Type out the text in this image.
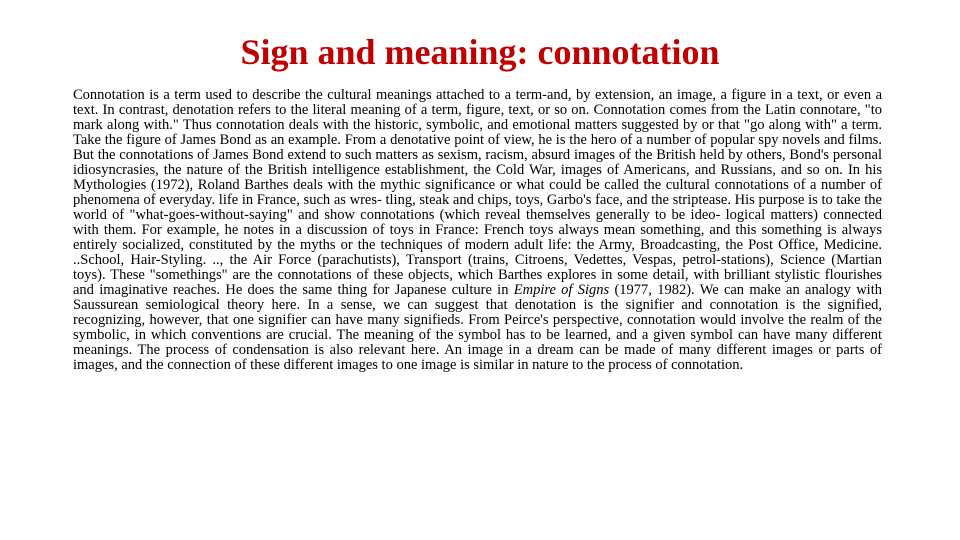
Sign and meaning: connotation

Connotation is a term used to describe the cultural meanings attached to a term-and, by extension, an image, a figure in a text, or even a text. In contrast, denotation refers to the literal meaning of a term, figure, text, or so on. Connotation comes from the Latin connotare, "to mark along with." Thus connotation deals with the historic, symbolic, and emotional matters suggested by or that "go along with" a term. Take the figure of James Bond as an example. From a denotative point of view, he is the hero of a number of popular spy novels and films. But the connotations of James Bond extend to such matters as sexism, racism, absurd images of the British held by others, Bond's personal idiosyncrasies, the nature of the British intelligence establishment, the Cold War, images of Americans, and Russians, and so on. In his Mythologies (1972), Roland Barthes deals with the mythic significance or what could be called the cultural connotations of a number of phenomena of everyday. life in France, such as wres- tling, steak and chips, toys, Garbo's face, and the striptease. His purpose is to take the world of "what-goes-without-saying" and show connotations (which reveal themselves generally to be ideo- logical matters) connected with them. For example, he notes in a discussion of toys in France: French toys always mean something, and this something is always entirely socialized, constituted by the myths or the techniques of modern adult life: the Army, Broadcasting, the Post Office, Medicine. ..School, Hair-Styling. .., the Air Force (parachutists), Transport (trains, Citroens, Vedettes, Vespas, petrol-stations), Science (Martian toys). These "somethings" are the connotations of these objects, which Barthes explores in some detail, with brilliant stylistic flourishes and imaginative reaches. He does the same thing for Japanese culture in Empire of Signs (1977, 1982). We can make an analogy with Saussurean semiological theory here. In a sense, we can suggest that denotation is the signifier and connotation is the signified, recognizing, however, that one signifier can have many signifieds. From Peirce's perspective, connotation would involve the realm of the symbolic, in which conventions are crucial. The meaning of the symbol has to be learned, and a given symbol can have many different meanings. The process of condensation is also relevant here. An image in a dream can be made of many different images or parts of images, and the connection of these different images to one image is similar in nature to the process of connotation.
